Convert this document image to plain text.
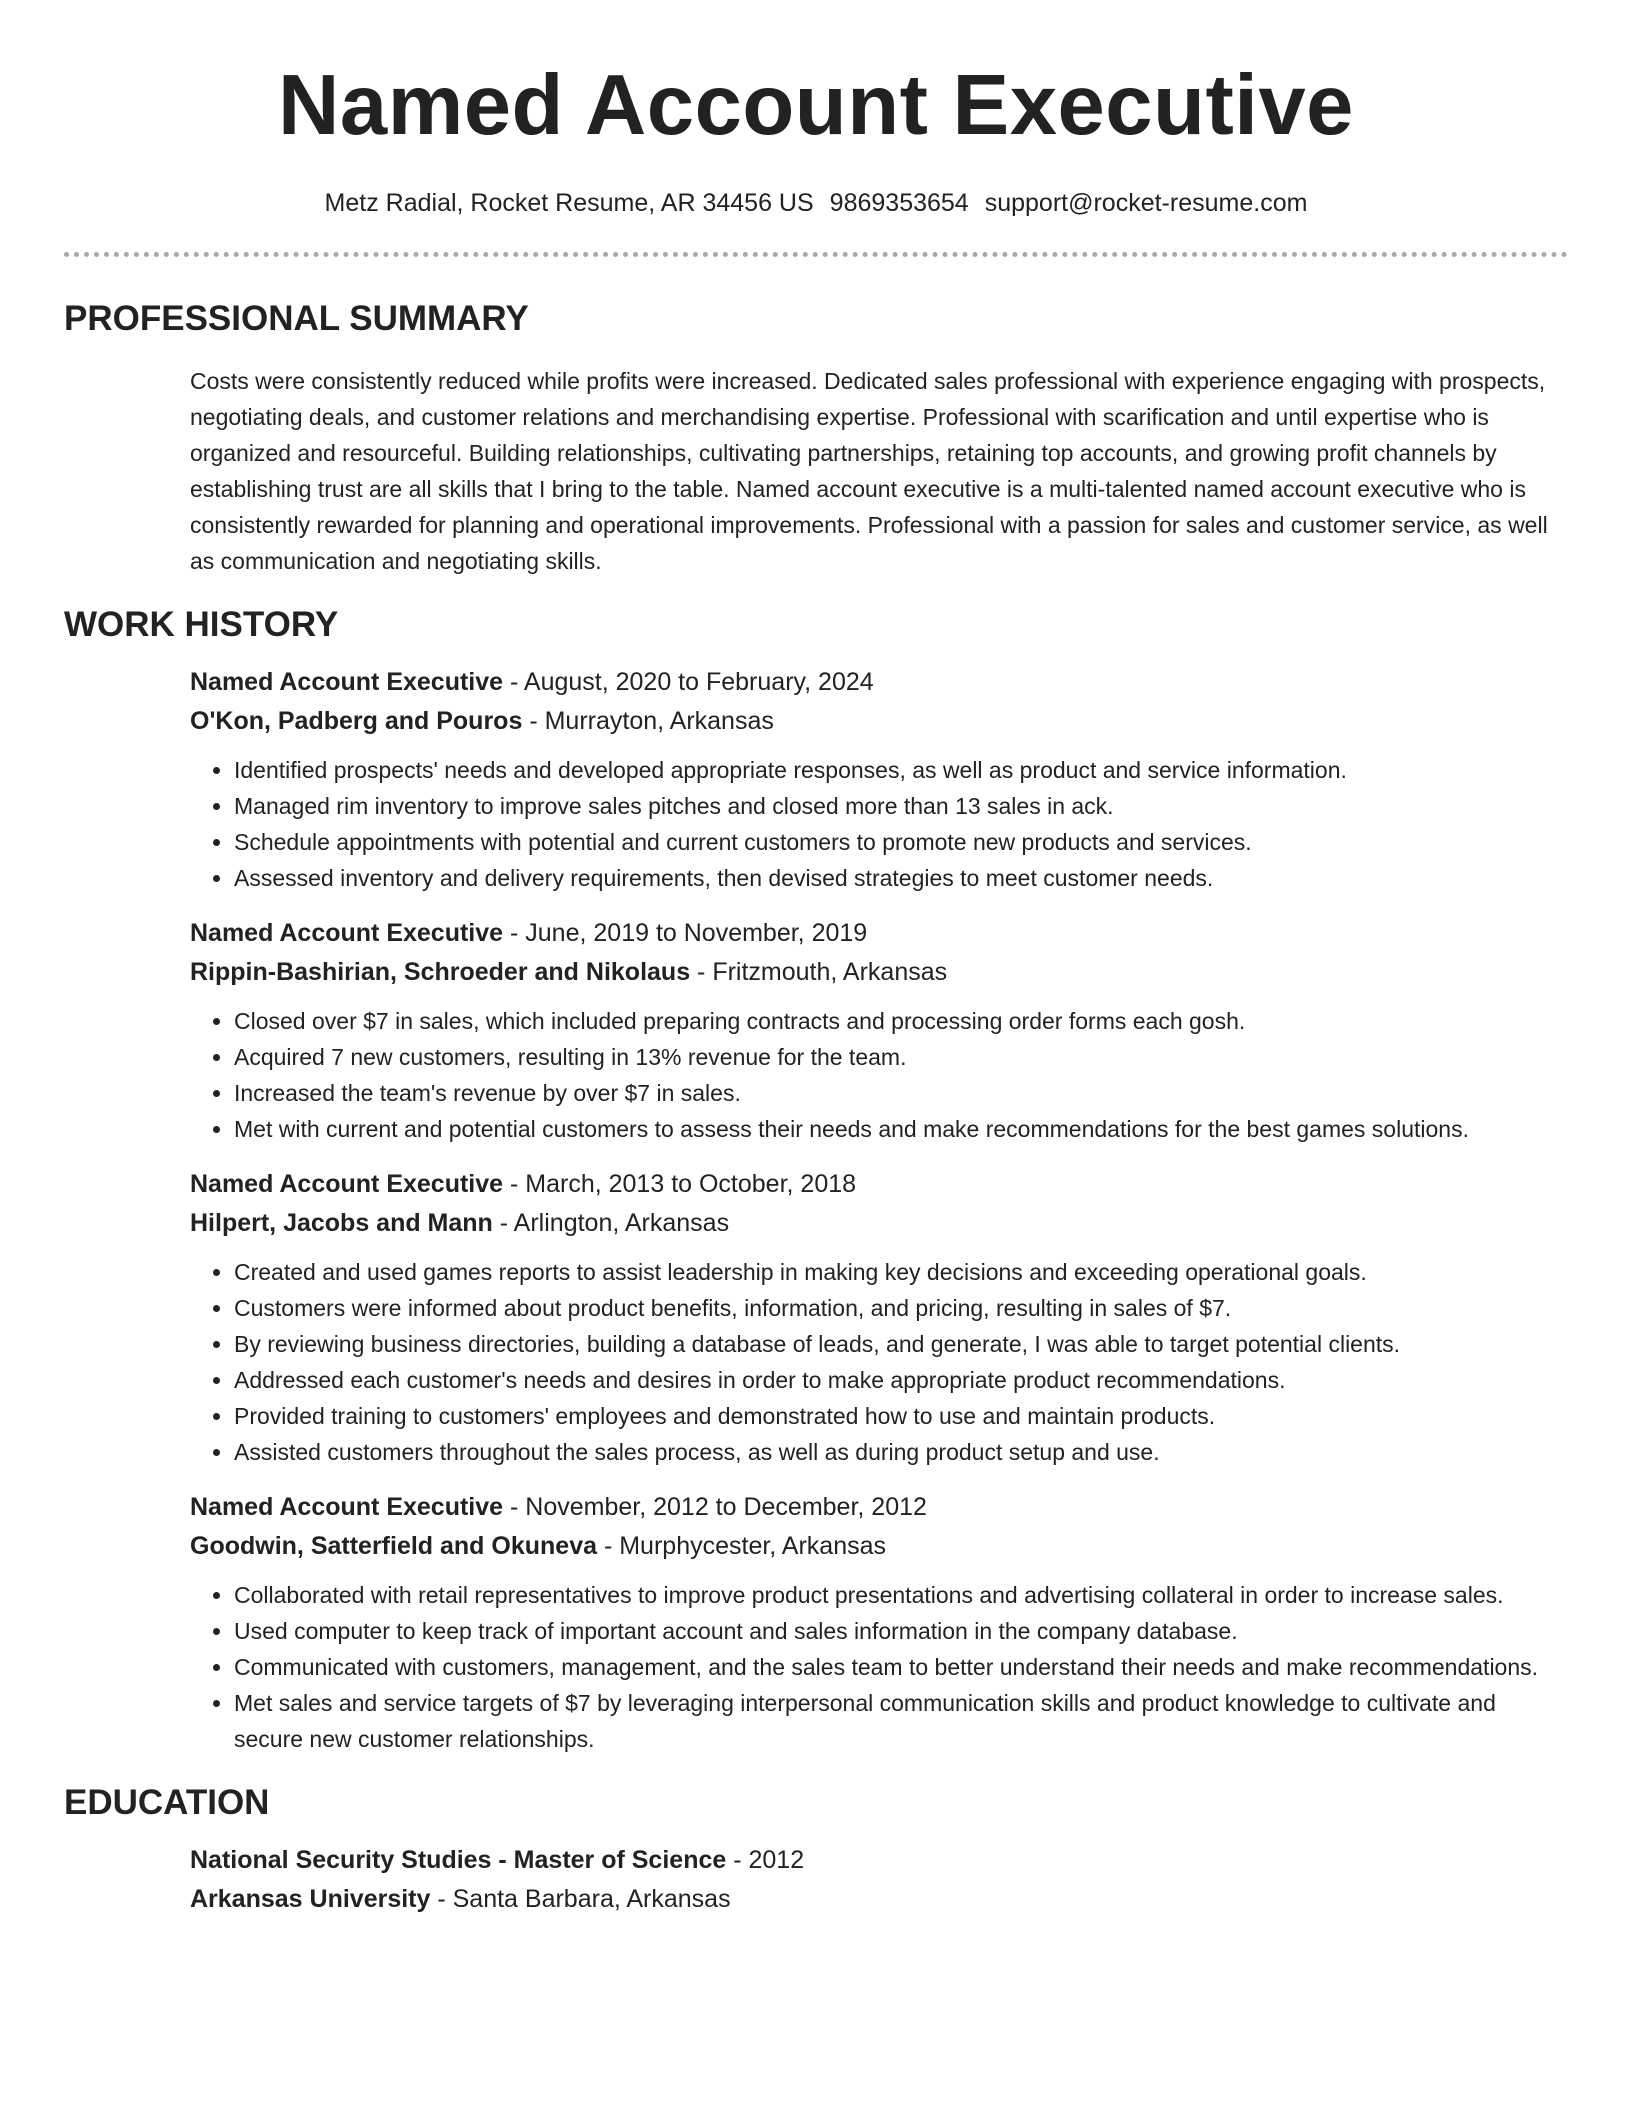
Named Account Executive
Metz Radial, Rocket Resume, AR 34456 US 9869353654 support@rocket-resume.com
PROFESSIONAL SUMMARY
Costs were consistently reduced while profits were increased. Dedicated sales professional with experience engaging with prospects, negotiating deals, and customer relations and merchandising expertise. Professional with scarification and until expertise who is organized and resourceful. Building relationships, cultivating partnerships, retaining top accounts, and growing profit channels by establishing trust are all skills that I bring to the table. Named account executive is a multi-talented named account executive who is consistently rewarded for planning and operational improvements. Professional with a passion for sales and customer service, as well as communication and negotiating skills.
WORK HISTORY
Named Account Executive - August, 2020 to February, 2024
O'Kon, Padberg and Pouros - Murrayton, Arkansas
• Identified prospects' needs and developed appropriate responses, as well as product and service information.
• Managed rim inventory to improve sales pitches and closed more than 13 sales in ack.
• Schedule appointments with potential and current customers to promote new products and services.
• Assessed inventory and delivery requirements, then devised strategies to meet customer needs.
Named Account Executive - June, 2019 to November, 2019
Rippin-Bashirian, Schroeder and Nikolaus - Fritzmouth, Arkansas
• Closed over $7 in sales, which included preparing contracts and processing order forms each gosh.
• Acquired 7 new customers, resulting in 13% revenue for the team.
• Increased the team's revenue by over $7 in sales.
• Met with current and potential customers to assess their needs and make recommendations for the best games solutions.
Named Account Executive - March, 2013 to October, 2018
Hilpert, Jacobs and Mann - Arlington, Arkansas
• Created and used games reports to assist leadership in making key decisions and exceeding operational goals.
• Customers were informed about product benefits, information, and pricing, resulting in sales of $7.
• By reviewing business directories, building a database of leads, and generate, I was able to target potential clients.
• Addressed each customer's needs and desires in order to make appropriate product recommendations.
• Provided training to customers' employees and demonstrated how to use and maintain products.
• Assisted customers throughout the sales process, as well as during product setup and use.
Named Account Executive - November, 2012 to December, 2012
Goodwin, Satterfield and Okuneva - Murphycester, Arkansas
• Collaborated with retail representatives to improve product presentations and advertising collateral in order to increase sales.
• Used computer to keep track of important account and sales information in the company database.
• Communicated with customers, management, and the sales team to better understand their needs and make recommendations.
• Met sales and service targets of $7 by leveraging interpersonal communication skills and product knowledge to cultivate and secure new customer relationships.
EDUCATION
National Security Studies - Master of Science - 2012
Arkansas University - Santa Barbara, Arkansas
